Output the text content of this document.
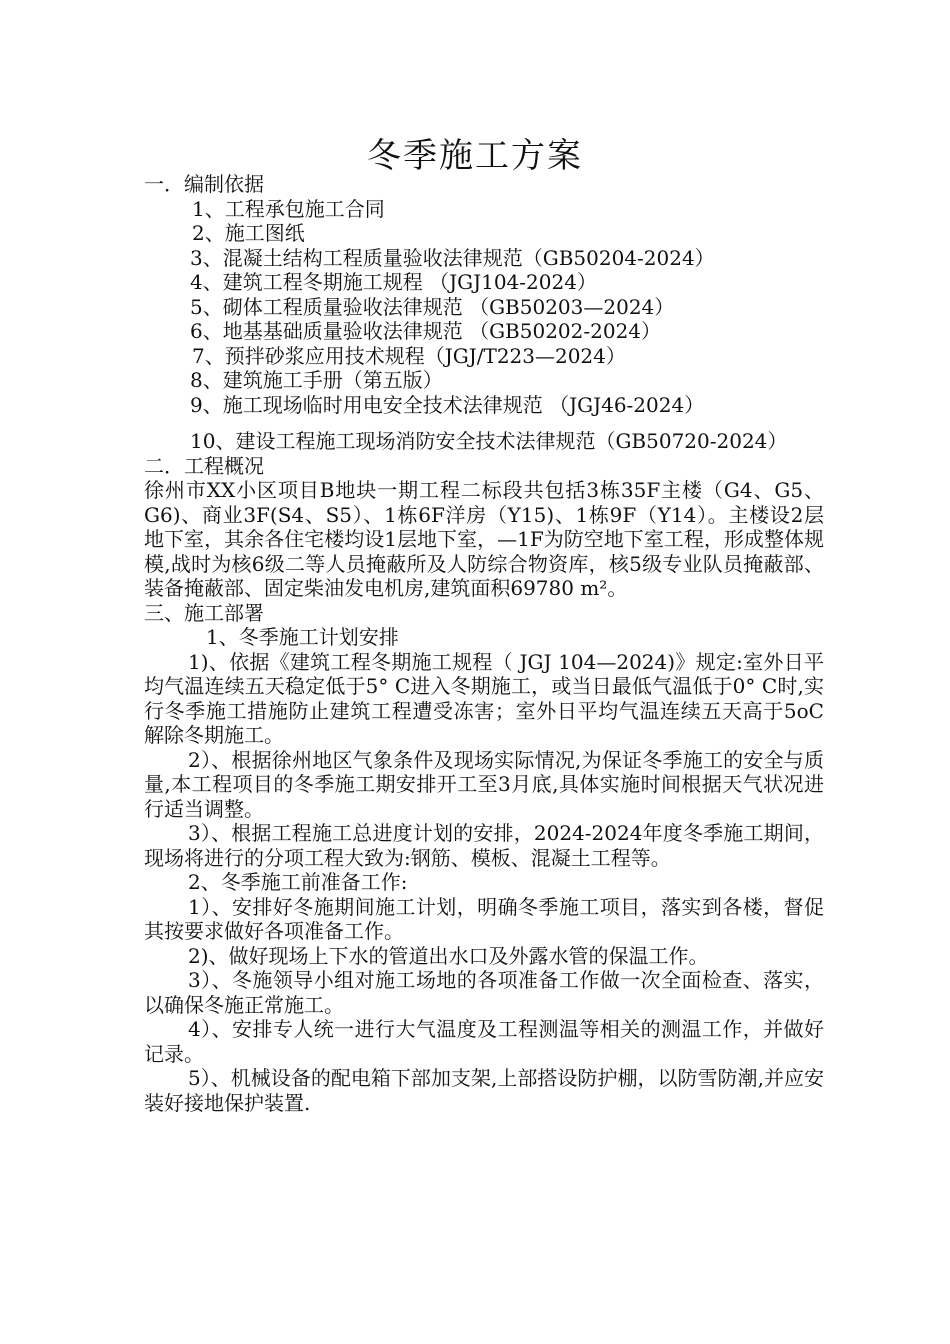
冬季施工方案

一．编制依据

1、工程承包施工合同

2、施工图纸

3、混凝土结构工程质量验收法律规范（GB50204-2024）

4、建筑工程冬期施工规程 （JGJ104-2024）

5、砌体工程质量验收法律规范 （GB50203—2024）

6、地基基础质量验收法律规范 （GB50202-2024）

7、预拌砂浆应用技术规程（JGJ/T223—2024）

8、建筑施工手册（第五版）

9、施工现场临时用电安全技术法律规范 （JGJ46-2024）

10、建设工程施工现场消防安全技术法律规范（GB50720-2024）

二．工程概况

徐州市XX小区项目B地块一期工程二标段共包括3栋35F主楼（G4、G5、G6)、商业3F(S4、S5）、1栋6F洋房（Y15)、1栋9F（Y14）。主楼设2层地下室，其余各住宅楼均设1层地下室，—1F为防空地下室工程，形成整体规模,战时为核6级二等人员掩蔽所及人防综合物资库，核5级专业队员掩蔽部、装备掩蔽部、固定柴油发电机房,建筑面积69780 m²。

三、施工部署

1、冬季施工计划安排

1)、依据《建筑工程冬期施工规程（ JGJ 104—2024)》规定:室外日平均气温连续五天稳定低于5° C进入冬期施工，或当日最低气温低于0° C时,实行冬季施工措施防止建筑工程遭受冻害；室外日平均气温连续五天高于5oC解除冬期施工。

2）、根据徐州地区气象条件及现场实际情况,为保证冬季施工的安全与质量,本工程项目的冬季施工期安排开工至3月底,具体实施时间根据天气状况进行适当调整。

3）、根据工程施工总进度计划的安排，2024-2024年度冬季施工期间，现场将进行的分项工程大致为:钢筋、模板、混凝土工程等。

2、冬季施工前准备工作:

1）、安排好冬施期间施工计划，明确冬季施工项目，落实到各楼，督促其按要求做好各项准备工作。

2)、做好现场上下水的管道出水口及外露水管的保温工作。

3）、冬施领导小组对施工场地的各项准备工作做一次全面检查、落实，以确保冬施正常施工。

4）、安排专人统一进行大气温度及工程测温等相关的测温工作，并做好记录。

5）、机械设备的配电箱下部加支架,上部搭设防护棚，以防雪防潮,并应安装好接地保护装置.
